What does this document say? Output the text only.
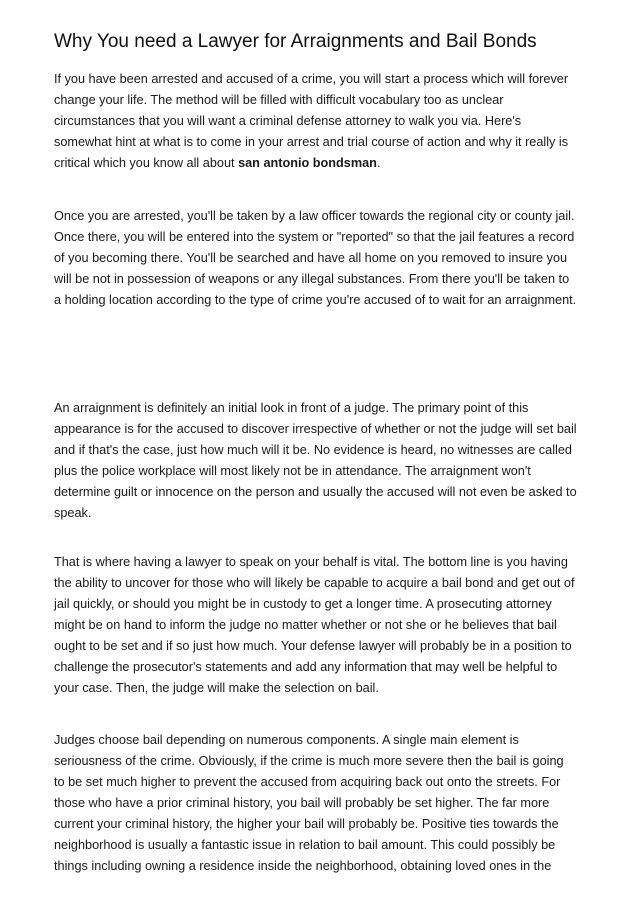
Why You need a Lawyer for Arraignments and Bail Bonds
If you have been arrested and accused of a crime, you will start a process which will forever
change your life. The method will be filled with difficult vocabulary too as unclear
circumstances that you will want a criminal defense attorney to walk you via. Here's
somewhat hint at what is to come in your arrest and trial course of action and why it really is
critical which you know all about san antonio bondsman.
Once you are arrested, you'll be taken by a law officer towards the regional city or county jail.
Once there, you will be entered into the system or "reported" so that the jail features a record
of you becoming there. You'll be searched and have all home on you removed to insure you
will be not in possession of weapons or any illegal substances. From there you'll be taken to
a holding location according to the type of crime you're accused of to wait for an arraignment.
An arraignment is definitely an initial look in front of a judge. The primary point of this
appearance is for the accused to discover irrespective of whether or not the judge will set bail
and if that's the case, just how much will it be. No evidence is heard, no witnesses are called
plus the police workplace will most likely not be in attendance. The arraignment won't
determine guilt or innocence on the person and usually the accused will not even be asked to
speak.
That is where having a lawyer to speak on your behalf is vital. The bottom line is you having
the ability to uncover for those who will likely be capable to acquire a bail bond and get out of
jail quickly, or should you might be in custody to get a longer time. A prosecuting attorney
might be on hand to inform the judge no matter whether or not she or he believes that bail
ought to be set and if so just how much. Your defense lawyer will probably be in a position to
challenge the prosecutor's statements and add any information that may well be helpful to
your case. Then, the judge will make the selection on bail.
Judges choose bail depending on numerous components. A single main element is
seriousness of the crime. Obviously, if the crime is much more severe then the bail is going
to be set much higher to prevent the accused from acquiring back out onto the streets. For
those who have a prior criminal history, you bail will probably be set higher. The far more
current your criminal history, the higher your bail will probably be. Positive ties towards the
neighborhood is usually a fantastic issue in relation to bail amount. This could possibly be
things including owning a residence inside the neighborhood, obtaining loved ones in the
